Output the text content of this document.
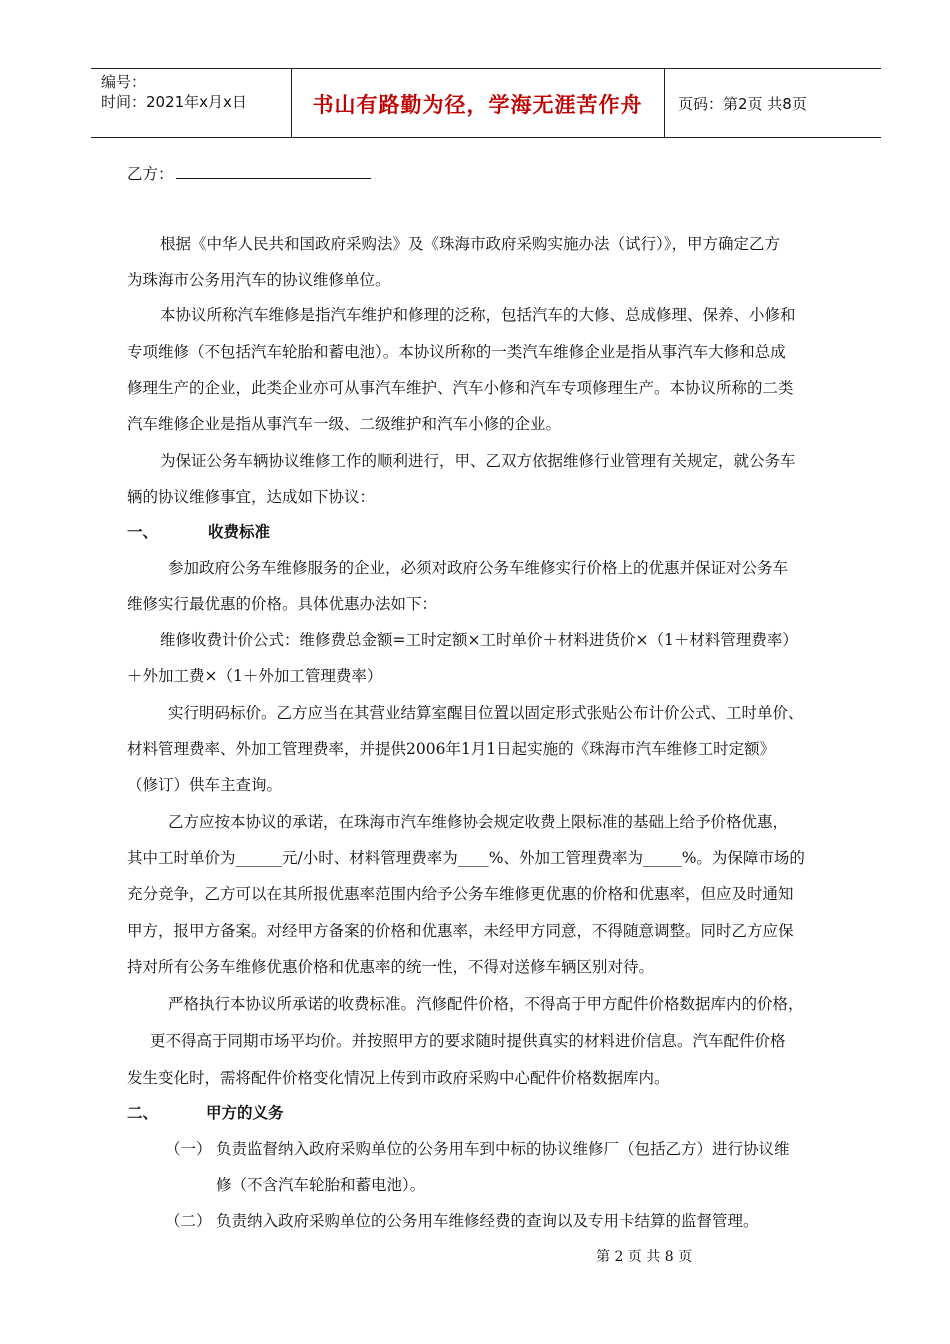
编号：
时间：2021年x月x日	书山有路勤为径，学海无涯苦作舟	页码：第2页 共8页
乙方：
根据《中华人民共和国政府采购法》及《珠海市政府采购实施办法（试行）》，甲方确定乙方
为珠海市公务用汽车的协议维修单位。
本协议所称汽车维修是指汽车维护和修理的泛称，包括汽车的大修、总成修理、保养、小修和
专项维修（不包括汽车轮胎和蓄电池）。本协议所称的一类汽车维修企业是指从事汽车大修和总成
修理生产的企业，此类企业亦可从事汽车维护、汽车小修和汽车专项修理生产。本协议所称的二类
汽车维修企业是指从事汽车一级、二级维护和汽车小修的企业。
为保证公务车辆协议维修工作的顺利进行，甲、乙双方依据维修行业管理有关规定，就公务车
辆的协议维修事宜，达成如下协议：
一、	收费标准
参加政府公务车维修服务的企业，必须对政府公务车维修实行价格上的优惠并保证对公务车
维修实行最优惠的价格。具体优惠办法如下：
维修收费计价公式：维修费总金额=工时定额×工时单价＋材料进货价×（1＋材料管理费率）
＋外加工费×（1＋外加工管理费率）
实行明码标价。乙方应当在其营业结算室醒目位置以固定形式张贴公布计价公式、工时单价、
材料管理费率、外加工管理费率，并提供2006年1月1日起实施的《珠海市汽车维修工时定额》
（修订）供车主查询。
乙方应按本协议的承诺，在珠海市汽车维修协会规定收费上限标准的基础上给予价格优惠，
其中工时单价为______元/小时、材料管理费率为____%、外加工管理费率为_____%。为保障市场的
充分竞争，乙方可以在其所报优惠率范围内给予公务车维修更优惠的价格和优惠率，但应及时通知
甲方，报甲方备案。对经甲方备案的价格和优惠率，未经甲方同意，不得随意调整。同时乙方应保
持对所有公务车维修优惠价格和优惠率的统一性，不得对送修车辆区别对待。
严格执行本协议所承诺的收费标准。汽修配件价格，不得高于甲方配件价格数据库内的价格，
更不得高于同期市场平均价。并按照甲方的要求随时提供真实的材料进价信息。汽车配件价格
发生变化时，需将配件价格变化情况上传到市政府采购中心配件价格数据库内。
二、	甲方的义务
（一） 负责监督纳入政府采购单位的公务用车到中标的协议维修厂（包括乙方）进行协议维
修（不含汽车轮胎和蓄电池）。
（二） 负责纳入政府采购单位的公务用车维修经费的查询以及专用卡结算的监督管理。
第 2 页 共 8 页
